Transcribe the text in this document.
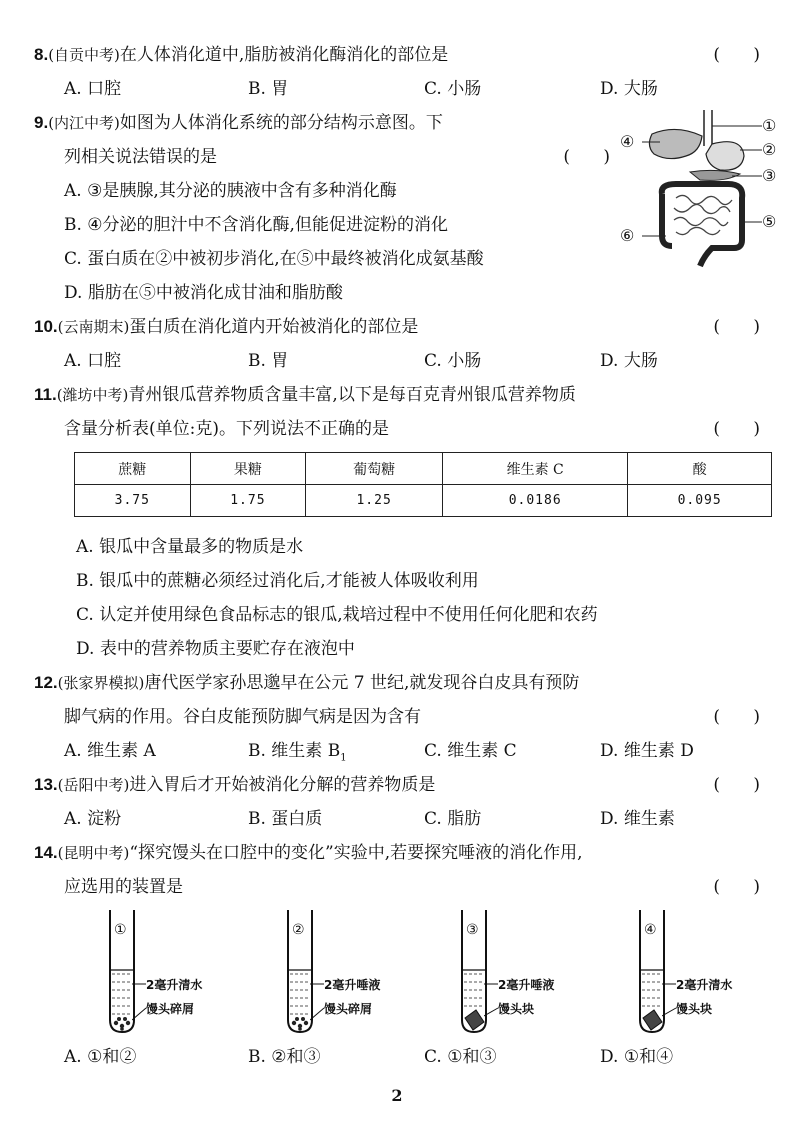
8.(自贡中考)在人体消化道中,脂肪被消化酶消化的部位是	( )
A. 口腔	B. 胃	C. 小肠	D. 大肠
9.(内江中考)如图为人体消化系统的部分结构示意图。下
列相关说法错误的是	( )
A. ③是胰腺,其分泌的胰液中含有多种消化酶
B. ④分泌的胆汁中不含消化酶,但能促进淀粉的消化
C. 蛋白质在②中被初步消化,在⑤中最终被消化成氨基酸
D. 脂肪在⑤中被消化成甘油和脂肪酸
①
②
③
④
⑤
⑥
10.(云南期末)蛋白质在消化道内开始被消化的部位是	( )
A. 口腔	B. 胃	C. 小肠	D. 大肠
11.(潍坊中考)青州银瓜营养物质含量丰富,以下是每百克青州银瓜营养物质
含量分析表(单位:克)。下列说法不正确的是	( )
蔗糖	果糖	葡萄糖	维生素 C	酸
3.75	1.75	1.25	0.0186	0.095
A. 银瓜中含量最多的物质是水
B. 银瓜中的蔗糖必须经过消化后,才能被人体吸收利用
C. 认定并使用绿色食品标志的银瓜,栽培过程中不使用任何化肥和农药
D. 表中的营养物质主要贮存在液泡中
12.(张家界模拟)唐代医学家孙思邈早在公元 7 世纪,就发现谷白皮具有预防
脚气病的作用。谷白皮能预防脚气病是因为含有	( )
A. 维生素 A	B. 维生素 $B_1$	C. 维生素 C	D. 维生素 D
13.(岳阳中考)进入胃后才开始被消化分解的营养物质是	( )
A. 淀粉	B. 蛋白质	C. 脂肪	D. 维生素
14.(昆明中考)“探究馒头在口腔中的变化”实验中,若要探究唾液的消化作用,
应选用的装置是	( )
①
2毫升清水
馒头碎屑
②
2毫升唾液
馒头碎屑
③
2毫升唾液
馒头块
④
2毫升清水
馒头块
A. ①和②	B. ②和③	C. ①和③	D. ①和④
2
